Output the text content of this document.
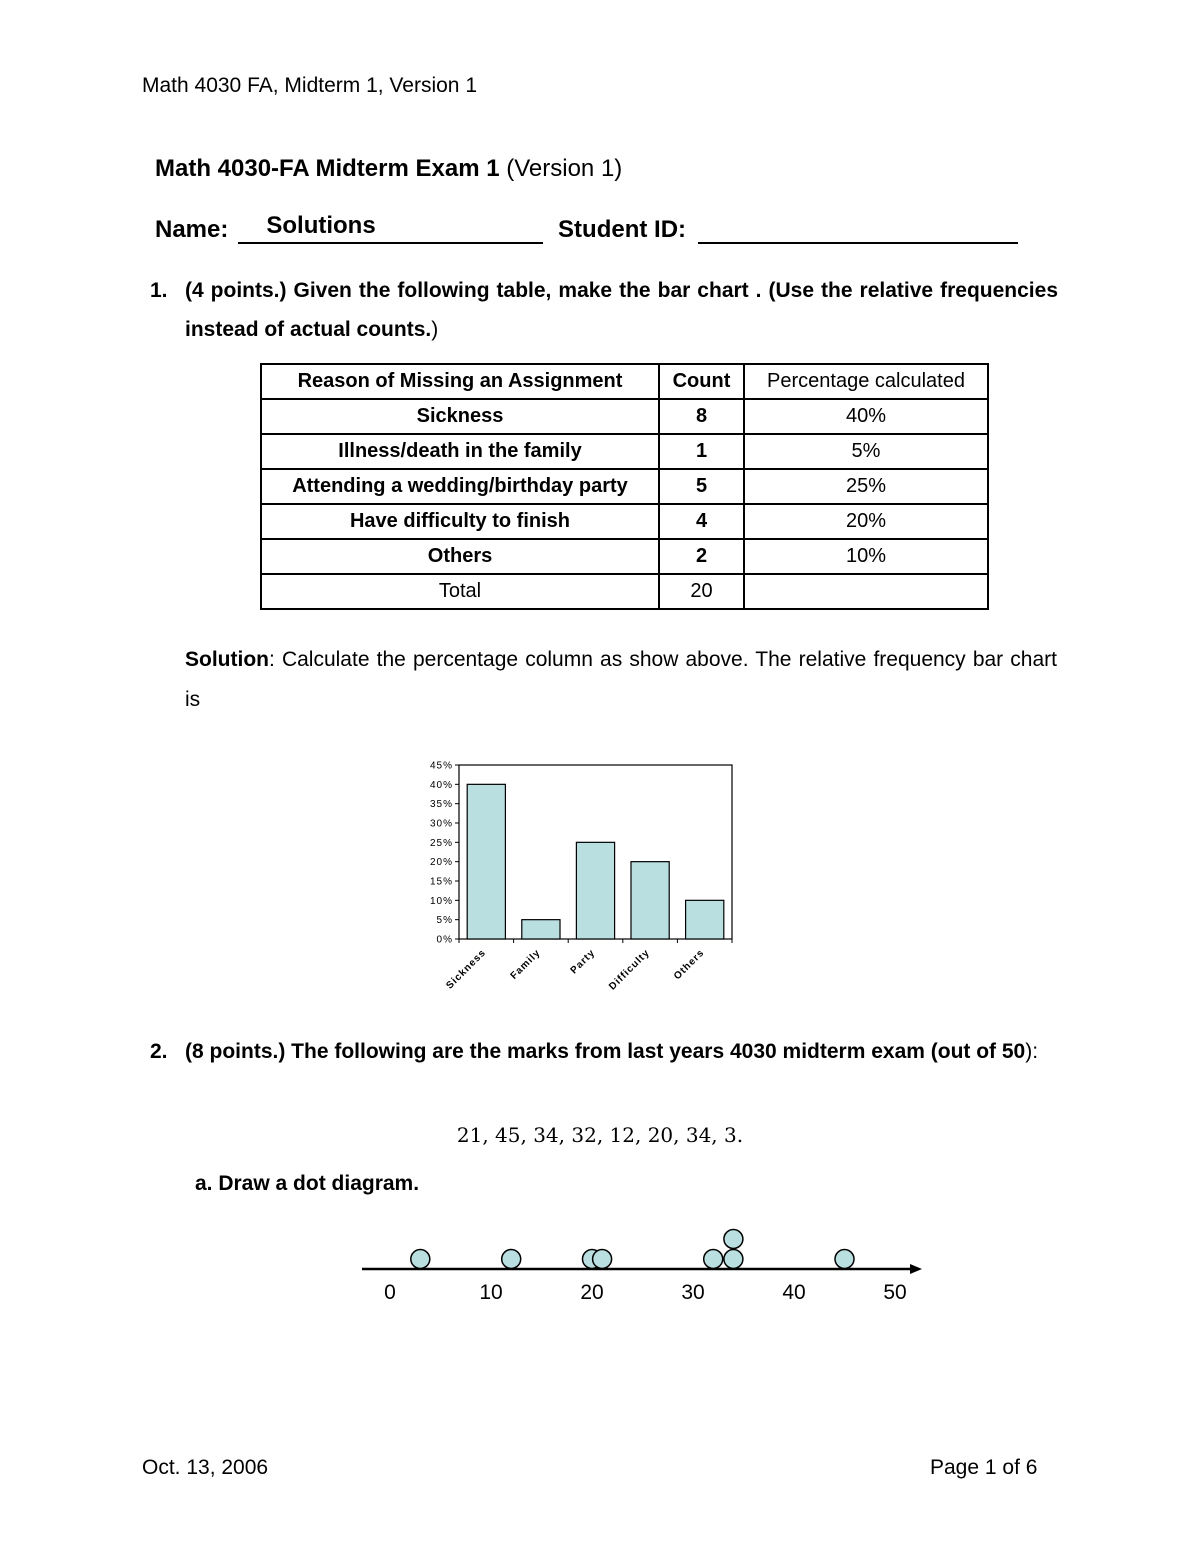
Math 4030 FA, Midterm 1, Version 1
Math 4030-FA Midterm Exam 1 (Version 1)
Name: Solutions	Student ID:
1. (4 points.) Given the following table, make the bar chart . (Use the relative frequencies instead of actual counts.)
Reason of Missing an Assignment	Count	Percentage calculated
Sickness	8	40%
Illness/death in the family	1	5%
Attending a wedding/birthday party	5	25%
Have difficulty to finish	4	20%
Others	2	10%
Total	20	
Solution: Calculate the percentage column as show above. The relative frequency bar chart is
0%
5%
10%
15%
20%
25%
30%
35%
40%
45%
Sickness Family	Party Difficulty Others
2. (8 points.) The following are the marks from last years 4030 midterm exam (out of 50):
21, 45, 34, 32, 12, 20, 34, 3.
a. Draw a dot diagram.
0	10	20	30	40	50
Oct. 13, 2006	Page 1 of 6
